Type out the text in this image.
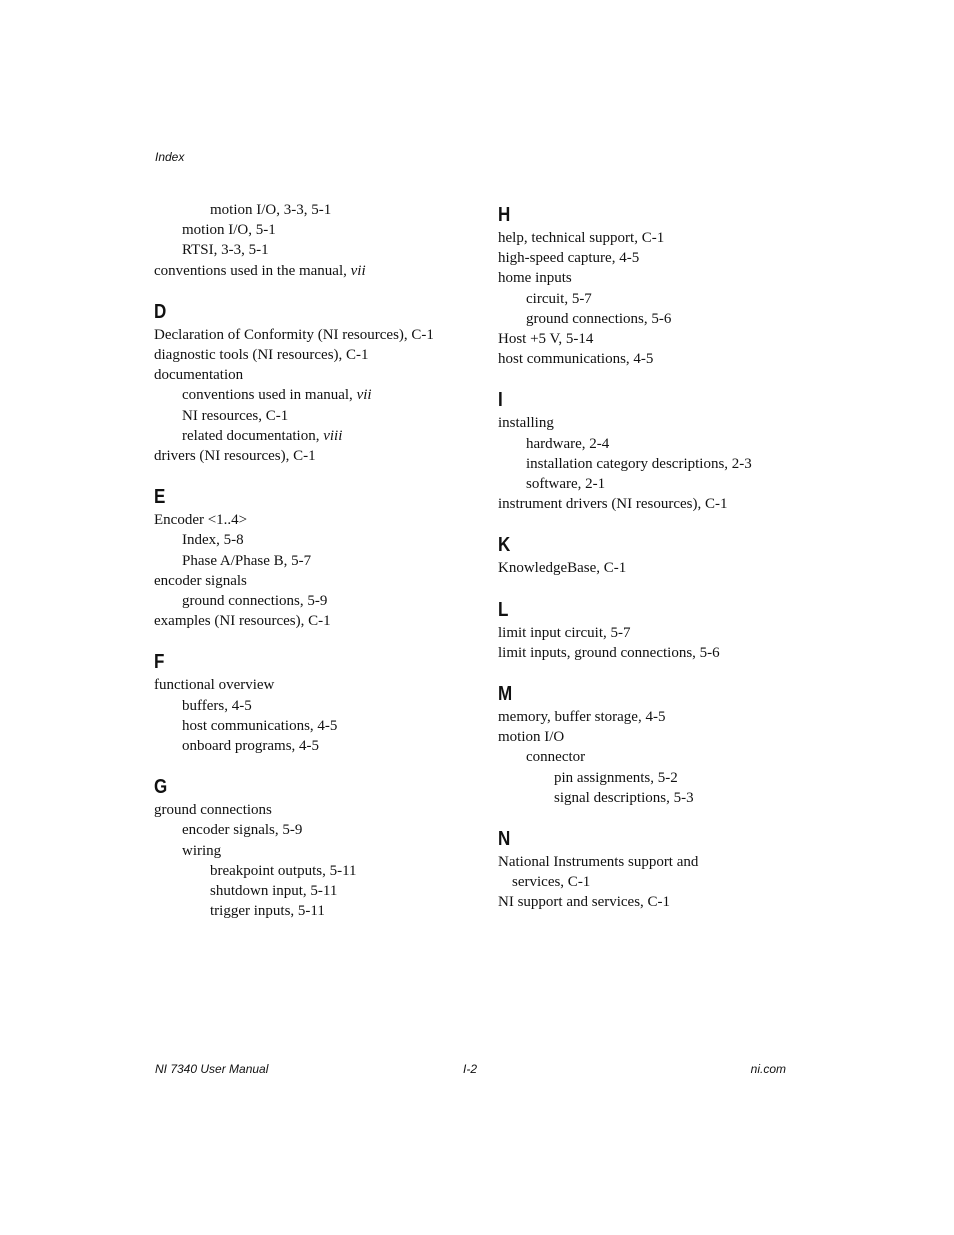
Index
motion I/O, 3-3, 5-1
motion I/O, 5-1
RTSI, 3-3, 5-1
conventions used in the manual, vii
D
Declaration of Conformity (NI resources), C-1
diagnostic tools (NI resources), C-1
documentation
conventions used in manual, vii
NI resources, C-1
related documentation, viii
drivers (NI resources), C-1
E
Encoder <1..4>
Index, 5-8
Phase A/Phase B, 5-7
encoder signals
ground connections, 5-9
examples (NI resources), C-1
F
functional overview
buffers, 4-5
host communications, 4-5
onboard programs, 4-5
G
ground connections
encoder signals, 5-9
wiring
breakpoint outputs, 5-11
shutdown input, 5-11
trigger inputs, 5-11
H
help, technical support, C-1
high-speed capture, 4-5
home inputs
circuit, 5-7
ground connections, 5-6
Host +5 V, 5-14
host communications, 4-5
I
installing
hardware, 2-4
installation category descriptions, 2-3
software, 2-1
instrument drivers (NI resources), C-1
K
KnowledgeBase, C-1
L
limit input circuit, 5-7
limit inputs, ground connections, 5-6
M
memory, buffer storage, 4-5
motion I/O
connector
pin assignments, 5-2
signal descriptions, 5-3
N
National Instruments support and
services, C-1
NI support and services, C-1
NI 7340 User Manual	I-2	ni.com
